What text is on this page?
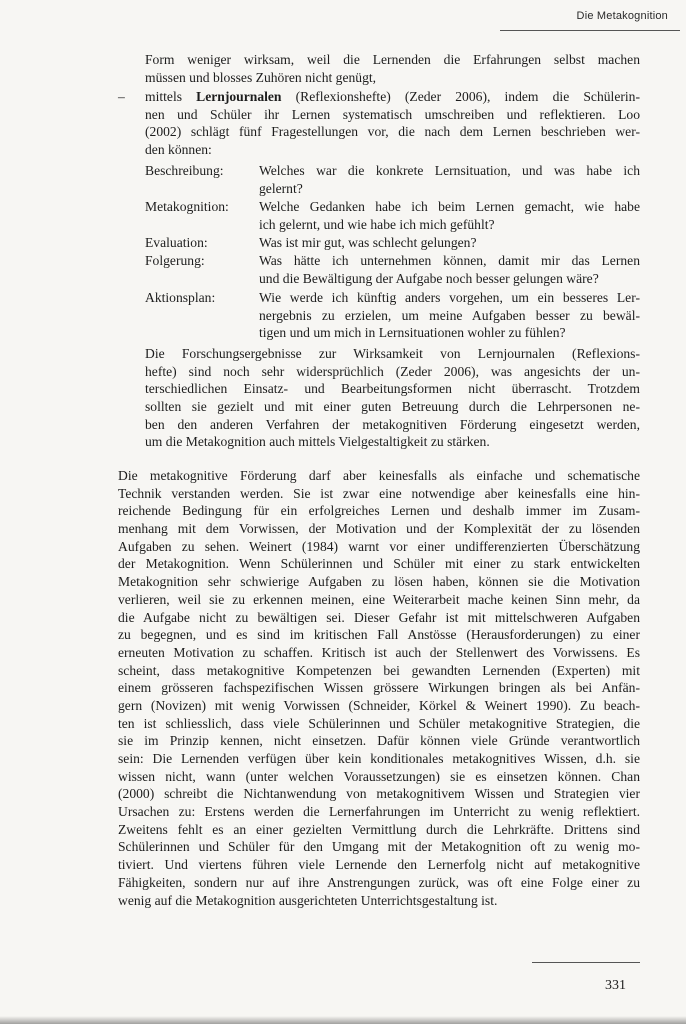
Die Metakognition
Form weniger wirksam, weil die Lernenden die Erfahrungen selbst machen
müssen und blosses Zuhören nicht genügt,
– mittels Lernjournalen (Reflexionshefte) (Zeder 2006), indem die Schülerin-
nen und Schüler ihr Lernen systematisch umschreiben und reflektieren. Loo
(2002) schlägt fünf Fragestellungen vor, die nach dem Lernen beschrieben wer-
den können:
Beschreibung:	Welches war die konkrete Lernsituation, und was habe ich
gelernt?
Metakognition: Welche Gedanken habe ich beim Lernen gemacht, wie habe
ich gelernt, und wie habe ich mich gefühlt?
Evaluation:	Was ist mir gut, was schlecht gelungen?
Folgerung:	Was hätte ich unternehmen können, damit mir das Lernen
und die Bewältigung der Aufgabe noch besser gelungen wäre?
Aktionsplan:	Wie werde ich künftig anders vorgehen, um ein besseres Ler-
nergebnis zu erzielen, um meine Aufgaben besser zu bewäl-
tigen und um mich in Lernsituationen wohler zu fühlen?
Die Forschungsergebnisse zur Wirksamkeit von Lernjournalen (Reflexions-
hefte) sind noch sehr widersprüchlich (Zeder 2006), was angesichts der un-
terschiedlichen Einsatz- und Bearbeitungsformen nicht überrascht. Trotzdem
sollten sie gezielt und mit einer guten Betreuung durch die Lehrpersonen ne-
ben den anderen Verfahren der metakognitiven Förderung eingesetzt werden,
um die Metakognition auch mittels Vielgestaltigkeit zu stärken.
Die metakognitive Förderung darf aber keinesfalls als einfache und schematische
Technik verstanden werden. Sie ist zwar eine notwendige aber keinesfalls eine hin-
reichende Bedingung für ein erfolgreiches Lernen und deshalb immer im Zusam-
menhang mit dem Vorwissen, der Motivation und der Komplexität der zu lösenden
Aufgaben zu sehen. Weinert (1984) warnt vor einer undifferenzierten Überschätzung
der Metakognition. Wenn Schülerinnen und Schüler mit einer zu stark entwickelten
Metakognition sehr schwierige Aufgaben zu lösen haben, können sie die Motivation
verlieren, weil sie zu erkennen meinen, eine Weiterarbeit mache keinen Sinn mehr, da
die Aufgabe nicht zu bewältigen sei. Dieser Gefahr ist mit mittelschweren Aufgaben
zu begegnen, und es sind im kritischen Fall Anstösse (Herausforderungen) zu einer
erneuten Motivation zu schaffen. Kritisch ist auch der Stellenwert des Vorwissens. Es
scheint, dass metakognitive Kompetenzen bei gewandten Lernenden (Experten) mit
einem grösseren fachspezifischen Wissen grössere Wirkungen bringen als bei Anfän-
gern (Novizen) mit wenig Vorwissen (Schneider, Körkel & Weinert 1990). Zu beach-
ten ist schliesslich, dass viele Schülerinnen und Schüler metakognitive Strategien, die
sie im Prinzip kennen, nicht einsetzen. Dafür können viele Gründe verantwortlich
sein: Die Lernenden verfügen über kein konditionales metakognitives Wissen, d.h. sie
wissen nicht, wann (unter welchen Voraussetzungen) sie es einsetzen können. Chan
(2000) schreibt die Nichtanwendung von metakognitivem Wissen und Strategien vier
Ursachen zu: Erstens werden die Lernerfahrungen im Unterricht zu wenig reflektiert.
Zweitens fehlt es an einer gezielten Vermittlung durch die Lehrkräfte. Drittens sind
Schülerinnen und Schüler für den Umgang mit der Metakognition oft zu wenig mo-
tiviert. Und viertens führen viele Lernende den Lernerfolg nicht auf metakognitive
Fähigkeiten, sondern nur auf ihre Anstrengungen zurück, was oft eine Folge einer zu
wenig auf die Metakognition ausgerichteten Unterrichtsgestaltung ist.
331
